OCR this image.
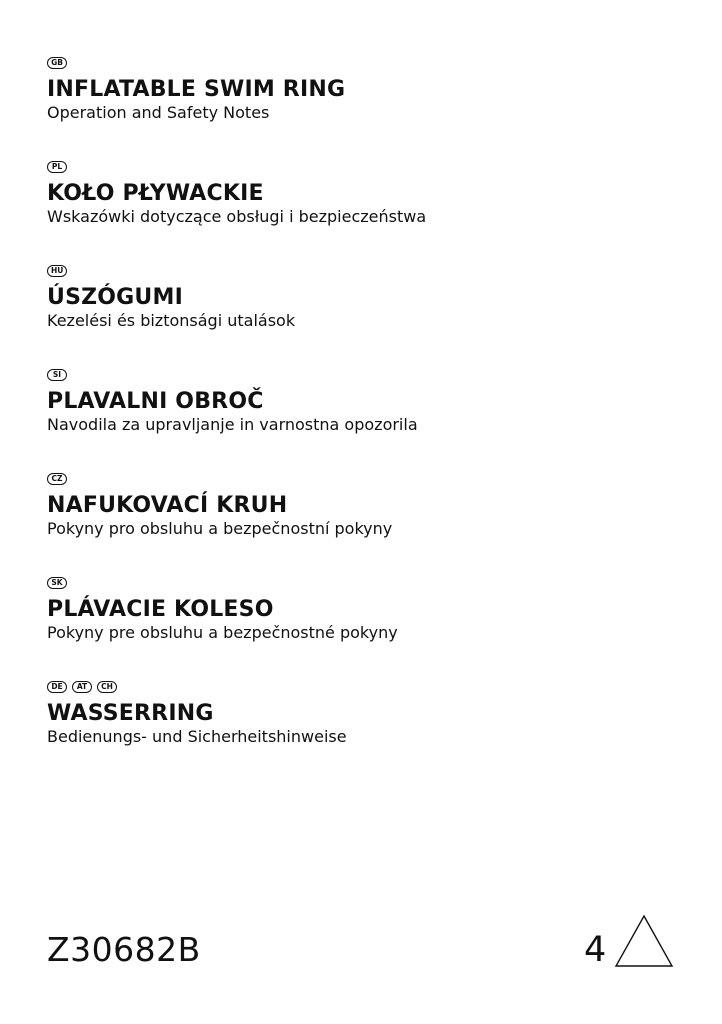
GB
INFLATABLE SWIM RING
Operation and Safety Notes
PL
KOŁO PŁYWACKIE
Wskazówki dotyczące obsługi i bezpieczeństwa
HU
ÚSZÓGUMI
Kezelési és biztonsági utalások
SI
PLAVALNI OBROČ
Navodila za upravljanje in varnostna opozorila
CZ
NAFUKOVACÍ KRUH
Pokyny pro obsluhu a bezpečnostní pokyny
SK
PLÁVACIE KOLESO
Pokyny pre obsluhu a bezpečnostné pokyny
DE	AT	CH
WASSERRING
Bedienungs- und Sicherheitshinweise
Z30682B	4
